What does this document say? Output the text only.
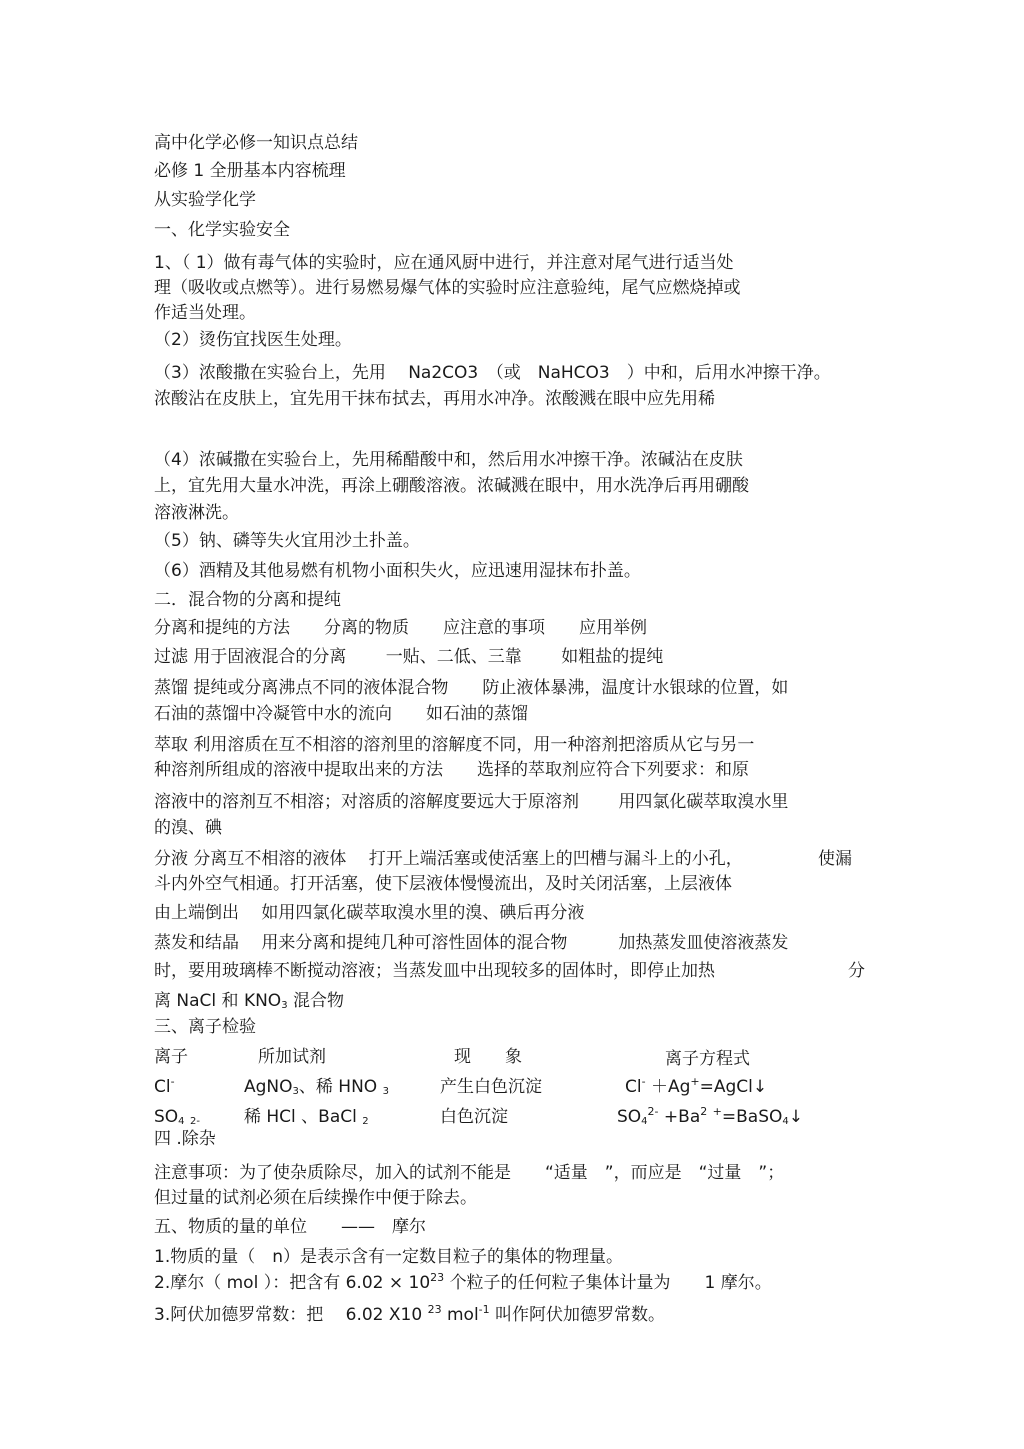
高中化学必修一知识点总结
必修 1 全册基本内容梳理
从实验学化学
一、化学实验安全
1、（ 1）做有毒气体的实验时，应在通风厨中进行，并注意对尾气进行适当处
理（吸收或点燃等）。进行易燃易爆气体的实验时应注意验纯，尾气应燃烧掉或
作适当处理。
（2）烫伤宜找医生处理。
（3）浓酸撒在实验台上，先用　 Na2CO3　（或　NaHCO3　）中和，后用水冲擦干净。
浓酸沾在皮肤上，宜先用干抹布拭去，再用水冲净。浓酸溅在眼中应先用稀
（4）浓碱撒在实验台上，先用稀醋酸中和，然后用水冲擦干净。浓碱沾在皮肤
上，宜先用大量水冲洗，再涂上硼酸溶液。浓碱溅在眼中，用水洗净后再用硼酸
溶液淋洗。
（5）钠、磷等失火宜用沙土扑盖。
（6）酒精及其他易燃有机物小面积失火，应迅速用湿抹布扑盖。
二．混合物的分离和提纯
分离和提纯的方法　　分离的物质　　应注意的事项　　应用举例
过滤 用于固液混合的分离　　 一贴、二低、三靠　　 如粗盐的提纯
蒸馏 提纯或分离沸点不同的液体混合物　　防止液体暴沸，温度计水银球的位置，如
石油的蒸馏中冷凝管中水的流向　　如石油的蒸馏
萃取 利用溶质在互不相溶的溶剂里的溶解度不同，用一种溶剂把溶质从它与另一
种溶剂所组成的溶液中提取出来的方法　　选择的萃取剂应符合下列要求：和原
溶液中的溶剂互不相溶；对溶质的溶解度要远大于原溶剂　　 用四氯化碳萃取溴水里
的溴、碘
分液 分离互不相溶的液体　 打开上端活塞或使活塞上的凹槽与漏斗上的小孔，	使漏
斗内外空气相通。打开活塞，使下层液体慢慢流出，及时关闭活塞，上层液体
由上端倒出　 如用四氯化碳萃取溴水里的溴、碘后再分液
蒸发和结晶　 用来分离和提纯几种可溶性固体的混合物　　　加热蒸发皿使溶液蒸发
时，要用玻璃棒不断搅动溶液；当蒸发皿中出现较多的固体时，即停止加热	分
离 NaCl 和 $KNO_3$ 混合物
三、离子检验
离子	所加试剂	现　　象	离子方程式
Cl-	AgNO$_3$、稀 HNO $_3$	产生白色沉淀	Cl- ＋Ag+=AgCl↓
$SO_4$ $_{2-}$	稀 HCl 、BaCl $_2$	白色沉淀	$SO_4^{2-} +Ba^2$ +=BaSO$_4$↓
四 .除杂
注意事项：为了使杂质除尽，加入的试剂不能是　　“适量　”，而应是　“过量　”；
但过量的试剂必须在后续操作中便于除去。
五、物质的量的单位　　——　摩尔
1.物质的量（　n）是表示含有一定数目粒子的集体的物理量。
2.摩尔（ mol ）：把含有 $6.02 \times 10^{23}$ 个粒子的任何粒子集体计量为　　1 摩尔。
3.阿伏加德罗常数：把　 6.02 X10 $^{23}$ mol$^{-1}$ 叫作阿伏加德罗常数。
